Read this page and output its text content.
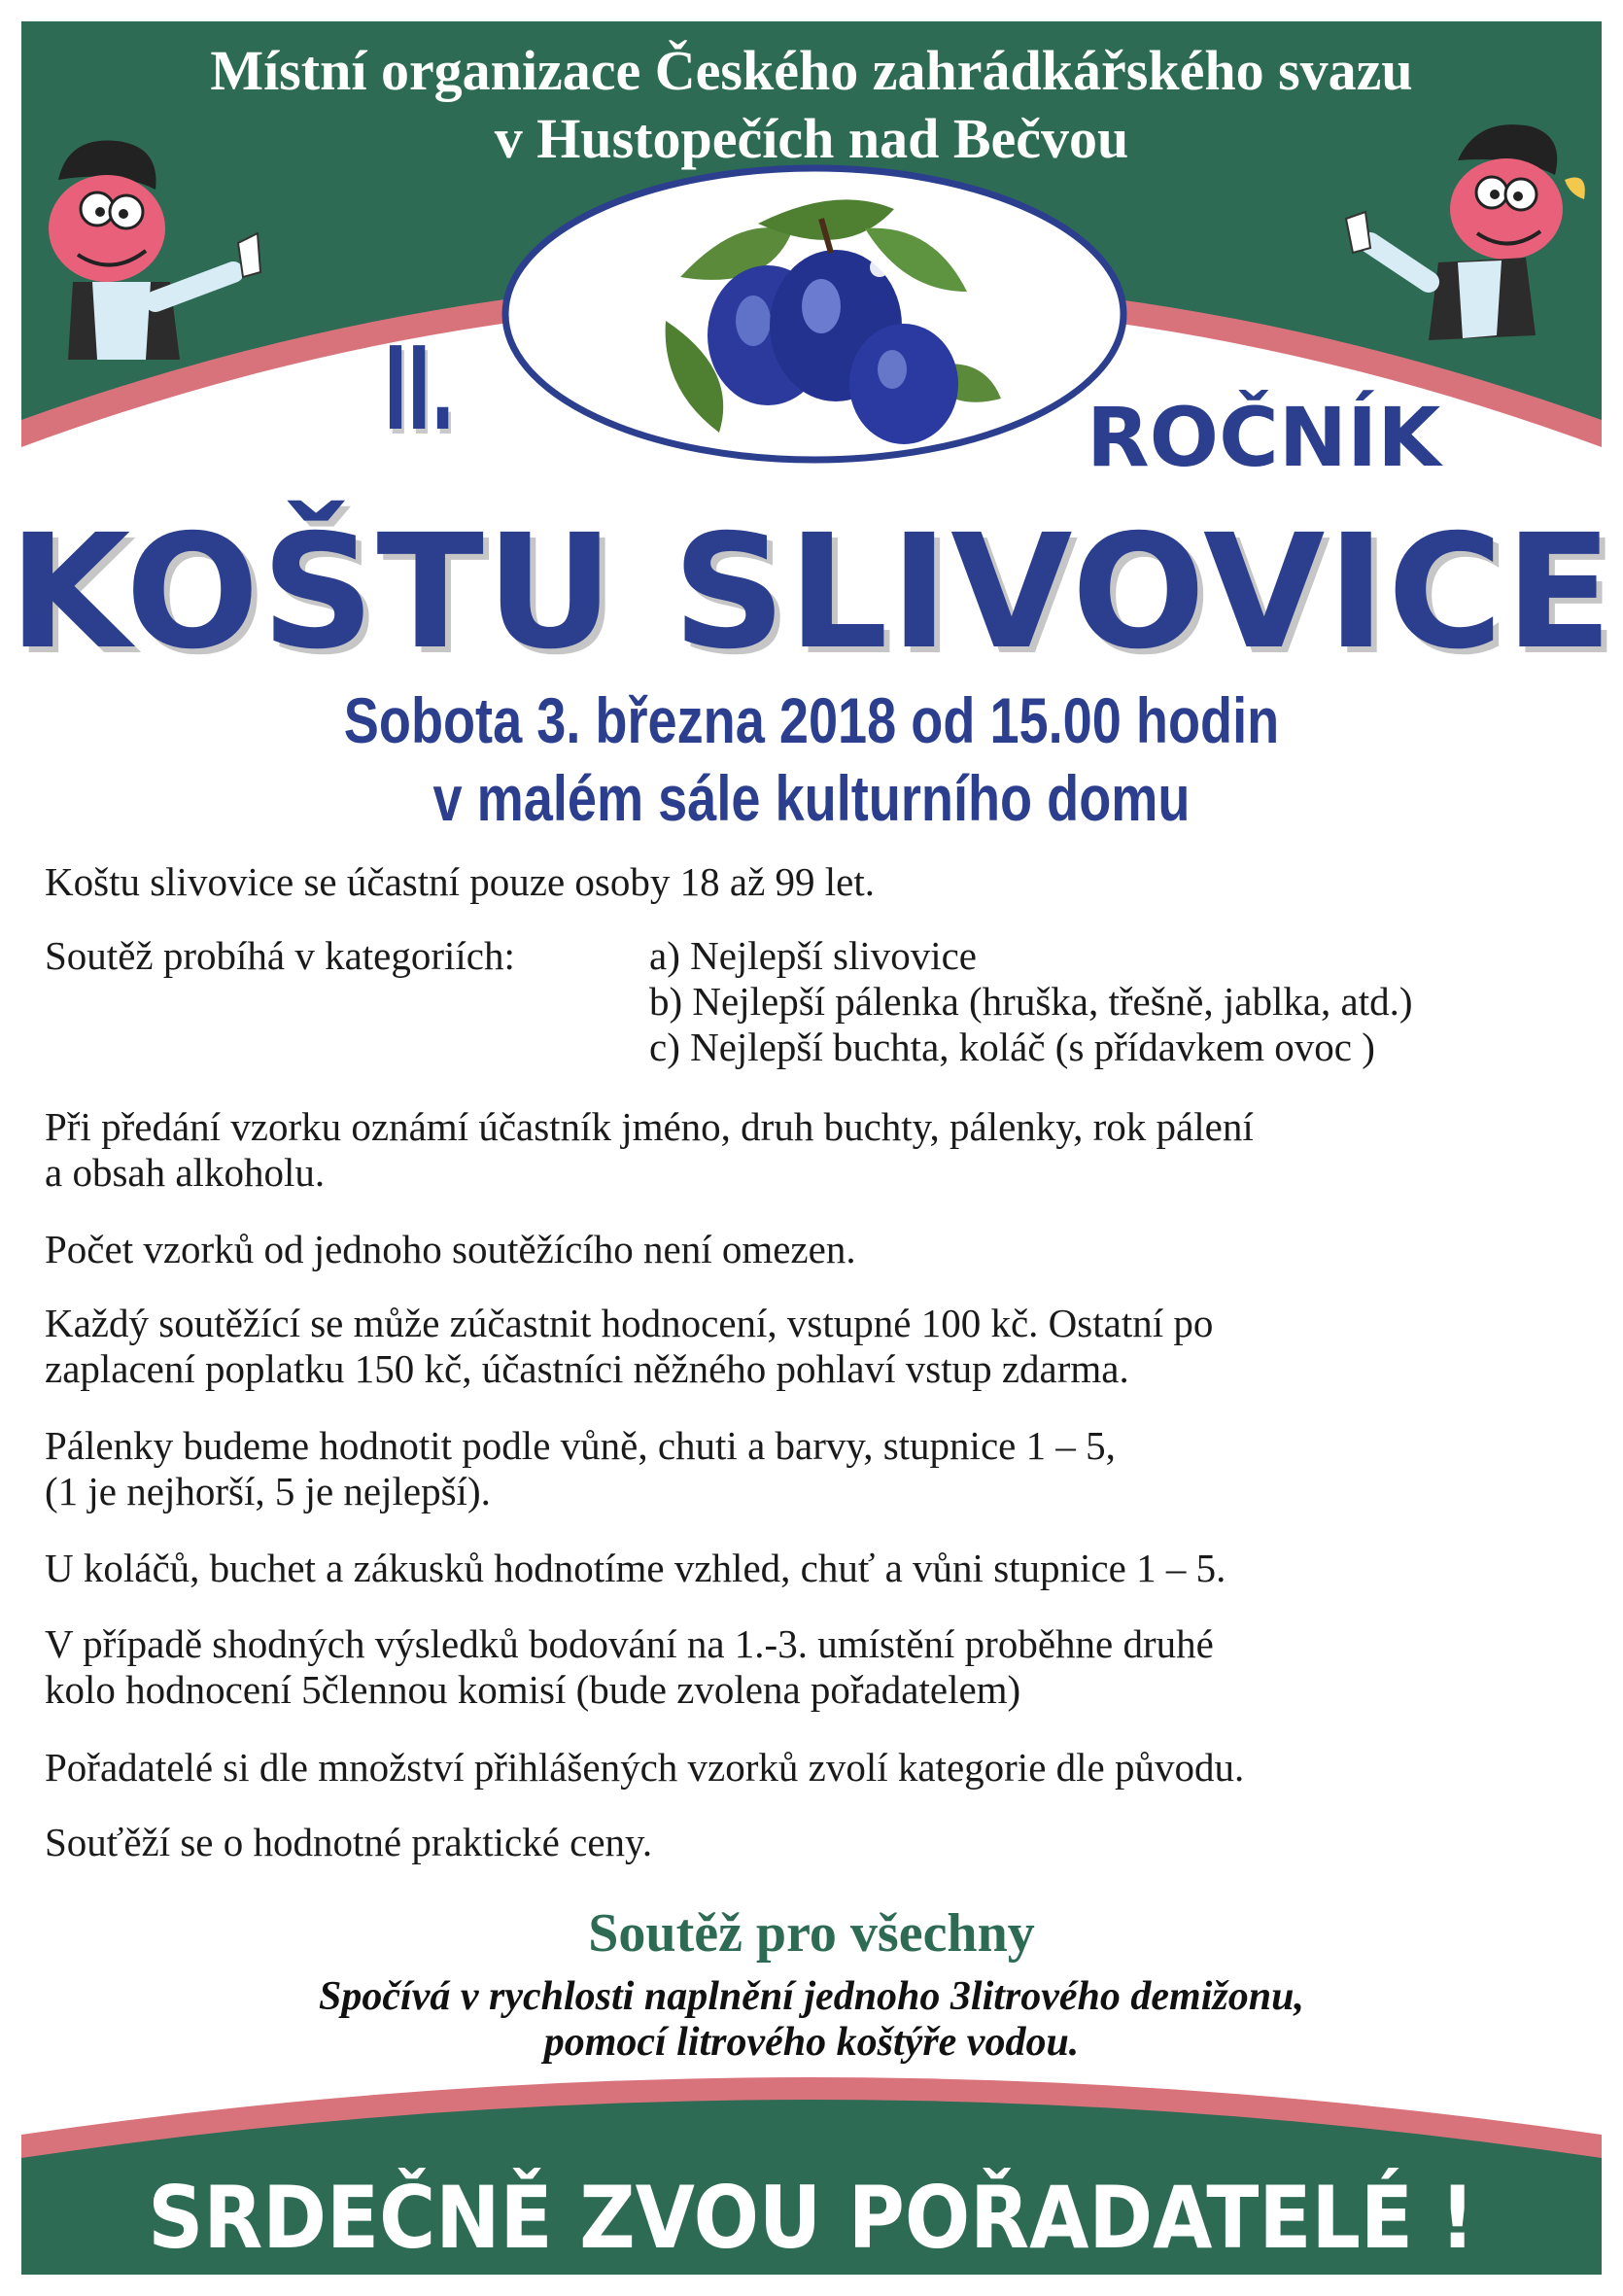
Místní organizace Českého zahrádkářského svazu
v Hustopečích nad Bečvou
II.	ROČNÍK
KOŠTU SLIVOVICE
Sobota 3. března 2018 od 15.00 hodin
v malém sále kulturního domu

Koštu slivovice se účastní pouze osoby 18 až 99 let.

Soutěž probíhá v kategoriích:	a) Nejlepší slivovice
b) Nejlepší pálenka (hruška, třešně, jablka, atd.)
c) Nejlepší buchta, koláč (s přídavkem ovoc )

Při předání vzorku oznámí účastník jméno, druh buchty, pálenky, rok pálení

a obsah alkoholu.

Počet vzorků od jednoho soutěžícího není omezen.

Každý soutěžící se může zúčastnit hodnocení, vstupné 100 kč. Ostatní po

zaplacení poplatku 150 kč, účastníci něžného pohlaví vstup zdarma.

Pálenky budeme hodnotit podle vůně, chuti a barvy, stupnice 1 – 5,

(1 je nejhorší, 5 je nejlepší).

U koláčů, buchet a zákusků hodnotíme vzhled, chuť a vůni stupnice 1 – 5.

V případě shodných výsledků bodování na 1.-3. umístění proběhne druhé

kolo hodnocení 5člennou komisí (bude zvolena pořadatelem)

Pořadatelé si dle množství přihlášených vzorků zvolí kategorie dle původu.

Souťěží se o hodnotné praktické ceny.

Soutěž pro všechny
Spočívá v rychlosti naplnění jednoho 3litrového demižonu,
pomocí litrového koštýře vodou.
SRDEČNĚ ZVOU POŘADATELÉ !
